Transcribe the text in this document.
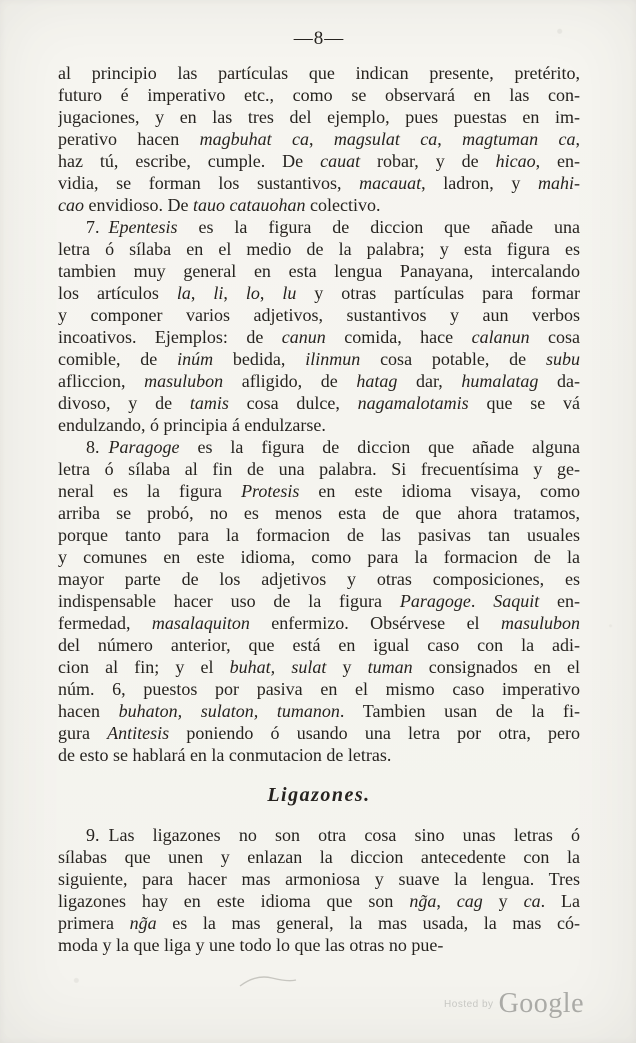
—8—
al principio las partículas que indican presente, pretérito,
futuro é imperativo etc., como se observará en las con-
jugaciones, y en las tres del ejemplo, pues puestas en im-
perativo hacen magbuhat ca, magsulat ca, magtuman ca,
haz tú, escribe, cumple. De cauat robar, y de hicao, en-
vidia, se forman los sustantivos, macauat, ladron, y mahi-
cao envidioso. De tauo catauohan colectivo.
7. Epentesis es la figura de diccion que añade una
letra ó sílaba en el medio de la palabra; y esta figura es
tambien muy general en esta lengua Panayana, intercalando
los artículos la, li, lo, lu y otras partículas para formar
y componer varios adjetivos, sustantivos y aun verbos
incoativos. Ejemplos: de canun comida, hace calanun cosa
comible, de inúm bedida, ilinmun cosa potable, de subu
afliccion, masulubon afligido, de hatag dar, humalatag da-
divoso, y de tamis cosa dulce, nagamalotamis que se vá
endulzando, ó principia á endulzarse.
8. Paragoge es la figura de diccion que añade alguna
letra ó sílaba al fin de una palabra. Si frecuentísima y ge-
neral es la figura Protesis en este idioma visaya, como
arriba se probó, no es menos esta de que ahora tratamos,
porque tanto para la formacion de las pasivas tan usuales
y comunes en este idioma, como para la formacion de la
mayor parte de los adjetivos y otras composiciones, es
indispensable hacer uso de la figura Paragoge. Saquit en-
fermedad, masalaquiton enfermizo. Obsérvese el masulubon
del número anterior, que está en igual caso con la adi-
cion al fin; y el buhat, sulat y tuman consignados en el
núm. 6, puestos por pasiva en el mismo caso imperativo
hacen buhaton, sulaton, tumanon. Tambien usan de la fi-
gura Antitesis poniendo ó usando una letra por otra, pero
de esto se hablará en la conmutacion de letras.
Ligazones.
9. Las ligazones no son otra cosa sino unas letras ó
sílabas que unen y enlazan la diccion antecedente con la
siguiente, para hacer mas armoniosa y suave la lengua. Tres
ligazones hay en este idioma que son ng̃a, cag y ca. La
primera ng̃a es la mas general, la mas usada, la mas có-
moda y la que liga y une todo lo que las otras no pue-
Hosted by Google
